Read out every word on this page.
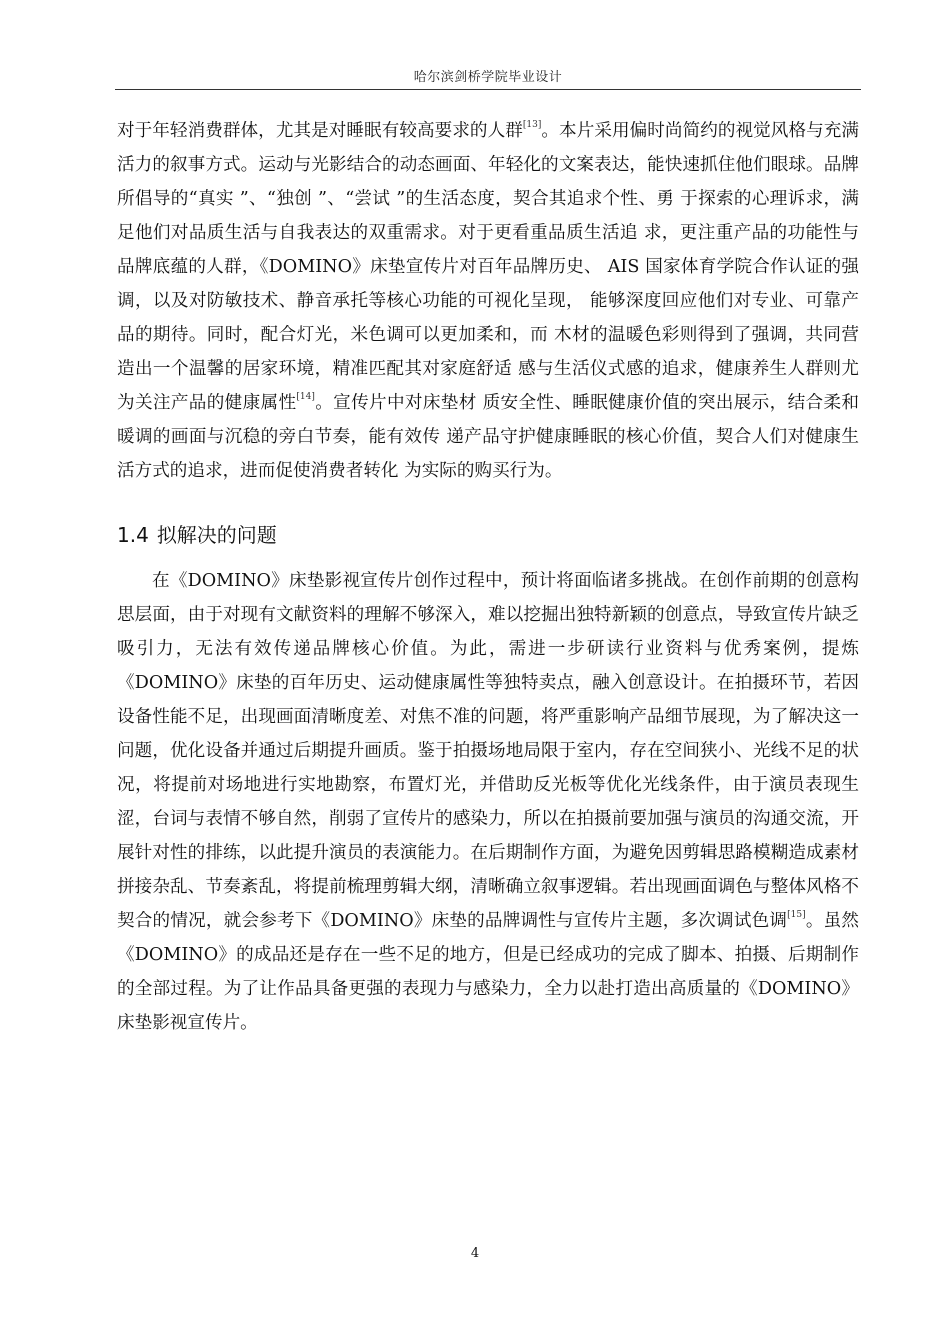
哈尔滨剑桥学院毕业设计

对于年轻消费群体，尤其是对睡眠有较高要求的人群[13]。本片采用偏时尚简约的视觉风格与充满活力的叙事方式。运动与光影结合的动态画面、年轻化的文案表达，能快速抓住他们眼球。品牌所倡导的“真实 ”、“独创 ”、“尝试 ”的生活态度，契合其追求个性、勇 于探索的心理诉求，满足他们对品质生活与自我表达的双重需求。对于更看重品质生活追 求，更注重产品的功能性与品牌底蕴的人群，《DOMINO》床垫宣传片对百年品牌历史、 AIS 国家体育学院合作认证的强调，以及对防敏技术、静音承托等核心功能的可视化呈现， 能够深度回应他们对专业、可靠产品的期待。同时，配合灯光，米色调可以更加柔和，而 木材的温暖色彩则得到了强调，共同营造出一个温馨的居家环境，精准匹配其对家庭舒适 感与生活仪式感的追求，健康养生人群则尤为关注产品的健康属性[14]。宣传片中对床垫材 质安全性、睡眠健康价值的突出展示，结合柔和暖调的画面与沉稳的旁白节奏，能有效传 递产品守护健康睡眠的核心价值，契合人们对健康生活方式的追求，进而促使消费者转化 为实际的购买行为。

1.4 拟解决的问题

在《DOMINO》床垫影视宣传片创作过程中，预计将面临诸多挑战。在创作前期的创意构思层面，由于对现有文献资料的理解不够深入，难以挖掘出独特新颖的创意点，导致宣传片缺乏吸引力，无法有效传递品牌核心价值。为此，需进一步研读行业资料与优秀案例，提炼《DOMINO》床垫的百年历史、运动健康属性等独特卖点，融入创意设计。在拍摄环节，若因设备性能不足，出现画面清晰度差、对焦不准的问题，将严重影响产品细节展现，为了解决这一问题，优化设备并通过后期提升画质。鉴于拍摄场地局限于室内，存在空间狭小、光线不足的状况，将提前对场地进行实地勘察，布置灯光，并借助反光板等优化光线条件，由于演员表现生涩，台词与表情不够自然，削弱了宣传片的感染力，所以在拍摄前要加强与演员的沟通交流，开展针对性的排练，以此提升演员的表演能力。在后期制作方面，为避免因剪辑思路模糊造成素材拼接杂乱、节奏紊乱，将提前梳理剪辑大纲，清晰确立叙事逻辑。若出现画面调色与整体风格不契合的情况，就会参考下《DOMINO》床垫的品牌调性与宣传片主题，多次调试色调[15]。虽然《DOMINO》的成品还是存在一些不足的地方，但是已经成功的完成了脚本、拍摄、后期制作的全部过程。为了让作品具备更强的表现力与感染力，全力以赴打造出高质量的《DOMINO》床垫影视宣传片。

4
